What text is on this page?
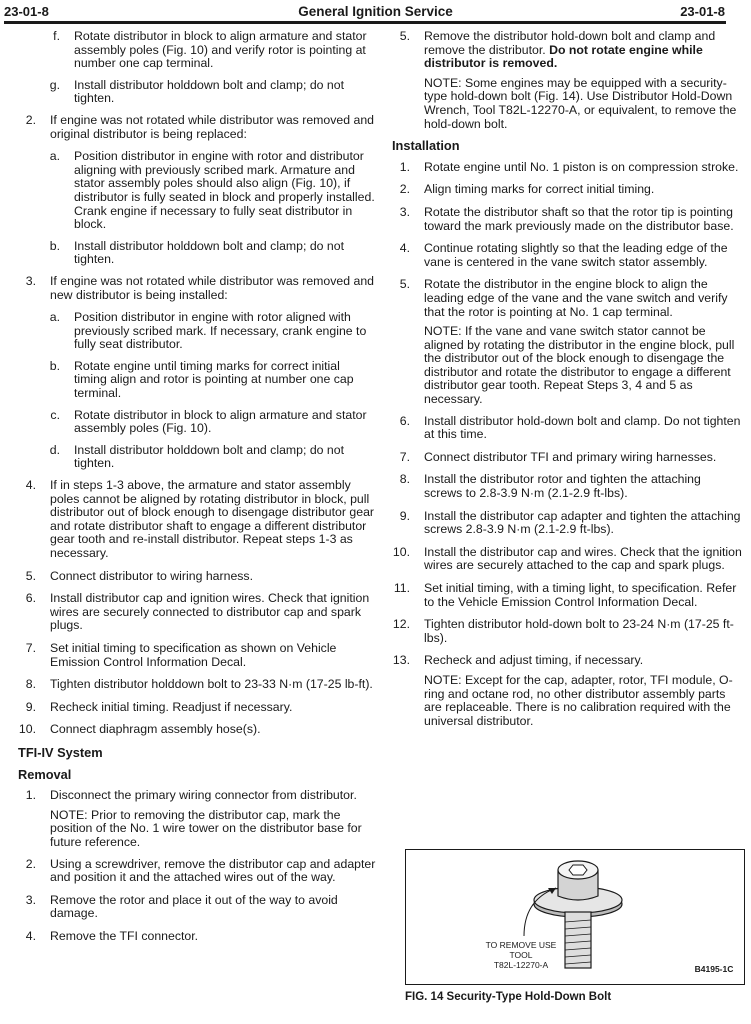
23-01-8	General Ignition Service	23-01-8
f. Rotate distributor in block to align armature and stator assembly poles (Fig. 10) and verify rotor is pointing at number one cap terminal.
g. Install distributor holddown bolt and clamp; do not tighten.
2. If engine was not rotated while distributor was removed and original distributor is being replaced:
a. Position distributor in engine with rotor and distributor aligning with previously scribed mark. Armature and stator assembly poles should also align (Fig. 10), if distributor is fully seated in block and properly installed. Crank engine if necessary to fully seat distributor in block.
b. Install distributor holddown bolt and clamp; do not tighten.
3. If engine was not rotated while distributor was removed and new distributor is being installed:
a. Position distributor in engine with rotor aligned with previously scribed mark. If necessary, crank engine to fully seat distributor.
b. Rotate engine until timing marks for correct initial timing align and rotor is pointing at number one cap terminal.
c. Rotate distributor in block to align armature and stator assembly poles (Fig. 10).
d. Install distributor holddown bolt and clamp; do not tighten.
4. If in steps 1-3 above, the armature and stator assembly poles cannot be aligned by rotating distributor in block, pull distributor out of block enough to disengage distributor gear and rotate distributor shaft to engage a different distributor gear tooth and re-install distributor. Repeat steps 1-3 as necessary.
5. Connect distributor to wiring harness.
6. Install distributor cap and ignition wires. Check that ignition wires are securely connected to distributor cap and spark plugs.
7. Set initial timing to specification as shown on Vehicle Emission Control Information Decal.
8. Tighten distributor holddown bolt to 23-33 N·m (17-25 lb-ft).
9. Recheck initial timing. Readjust if necessary.
10. Connect diaphragm assembly hose(s).
TFI-IV System
Removal
1. Disconnect the primary wiring connector from distributor.
NOTE: Prior to removing the distributor cap, mark the position of the No. 1 wire tower on the distributor base for future reference.
2. Using a screwdriver, remove the distributor cap and adapter and position it and the attached wires out of the way.
3. Remove the rotor and place it out of the way to avoid damage.
4. Remove the TFI connector.
5. Remove the distributor hold-down bolt and clamp and remove the distributor. Do not rotate engine while distributor is removed.
NOTE: Some engines may be equipped with a security-type hold-down bolt (Fig. 14). Use Distributor Hold-Down Wrench, Tool T82L-12270-A, or equivalent, to remove the hold-down bolt.
Installation
1. Rotate engine until No. 1 piston is on compression stroke.
2. Align timing marks for correct initial timing.
3. Rotate the distributor shaft so that the rotor tip is pointing toward the mark previously made on the distributor base.
4. Continue rotating slightly so that the leading edge of the vane is centered in the vane switch stator assembly.
5. Rotate the distributor in the engine block to align the leading edge of the vane and the vane switch and verify that the rotor is pointing at No. 1 cap terminal.
NOTE: If the vane and vane switch stator cannot be aligned by rotating the distributor in the engine block, pull the distributor out of the block enough to disengage the distributor and rotate the distributor to engage a different distributor gear tooth. Repeat Steps 3, 4 and 5 as necessary.
6. Install distributor hold-down bolt and clamp. Do not tighten at this time.
7. Connect distributor TFI and primary wiring harnesses.
8. Install the distributor rotor and tighten the attaching screws to 2.8-3.9 N·m (2.1-2.9 ft-lbs).
9. Install the distributor cap adapter and tighten the attaching screws 2.8-3.9 N·m (2.1-2.9 ft-lbs).
10. Install the distributor cap and wires. Check that the ignition wires are securely attached to the cap and spark plugs.
11. Set initial timing, with a timing light, to specification. Refer to the Vehicle Emission Control Information Decal.
12. Tighten distributor hold-down bolt to 23-24 N·m (17-25 ft-lbs).
13. Recheck and adjust timing, if necessary.
NOTE: Except for the cap, adapter, rotor, TFI module, O-ring and octane rod, no other distributor assembly parts are replaceable. There is no calibration required with the universal distributor.
TO REMOVE USE
TOOL
T82L-12270-A	B4195-1C
FIG. 14 Security-Type Hold-Down Bolt
